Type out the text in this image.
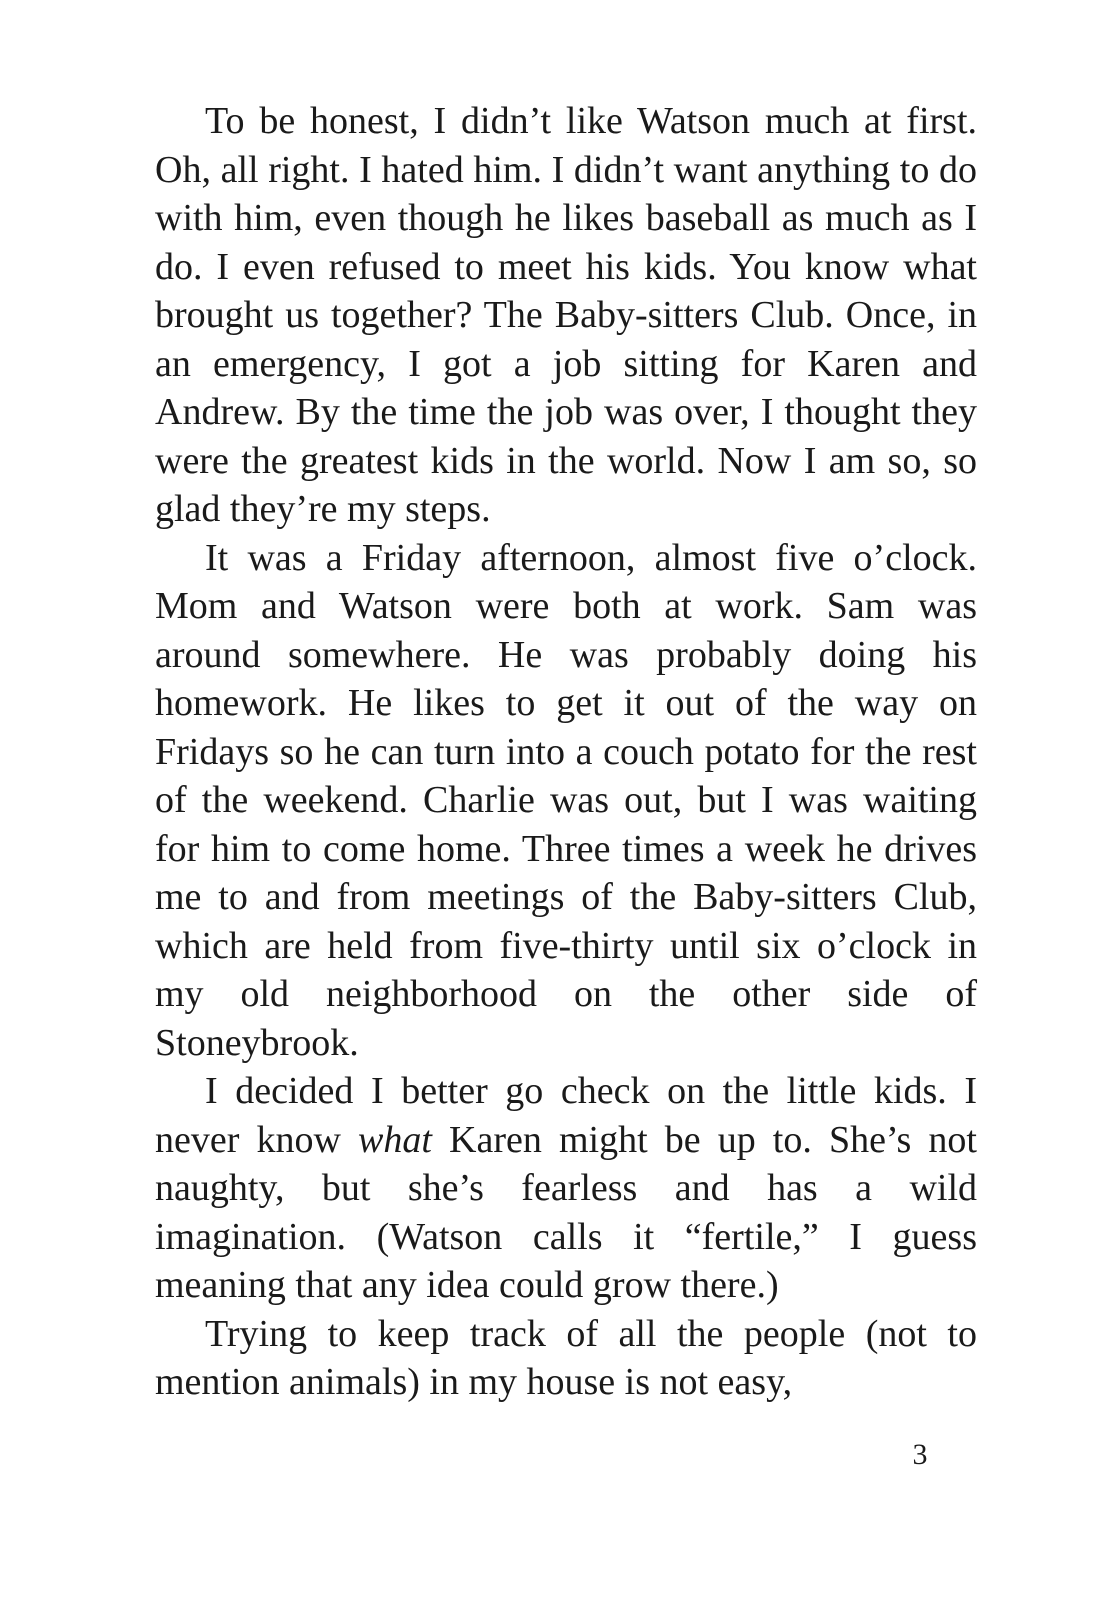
To be honest, I didn’t like Watson much at first. Oh, all right. I hated him. I didn’t want anything to do with him, even though he likes baseball as much as I do. I even refused to meet his kids. You know what brought us together? The Baby-sitters Club. Once, in an emergency, I got a job sitting for Karen and Andrew. By the time the job was over, I thought they were the greatest kids in the world. Now I am so, so glad they’re my steps.

It was a Friday afternoon, almost five o’clock. Mom and Watson were both at work. Sam was around somewhere. He was probably doing his homework. He likes to get it out of the way on Fridays so he can turn into a couch potato for the rest of the weekend. Charlie was out, but I was waiting for him to come home. Three times a week he drives me to and from meetings of the Baby-sitters Club, which are held from five-thirty until six o’clock in my old neighborhood on the other side of Stoneybrook.

I decided I better go check on the little kids. I never know what Karen might be up to. She’s not naughty, but she’s fearless and has a wild imagination. (Watson calls it “fertile,” I guess meaning that any idea could grow there.)

Trying to keep track of all the people (not to mention animals) in my house is not easy,

3
